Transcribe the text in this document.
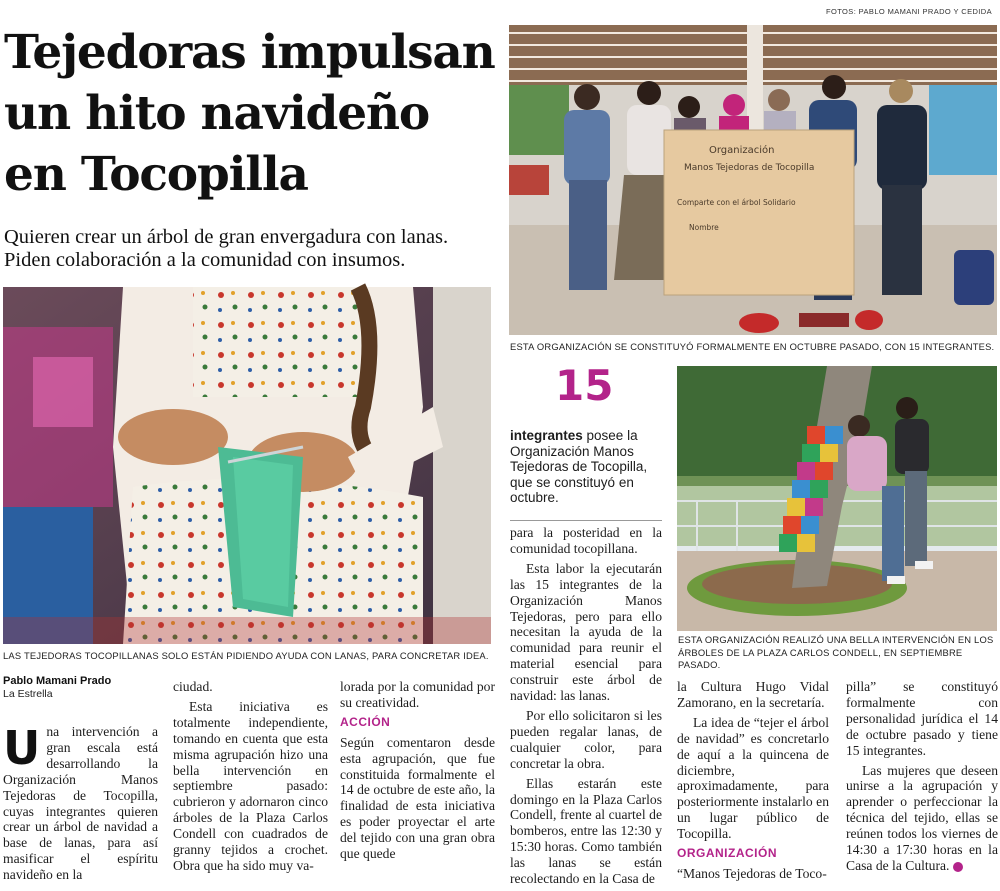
FOTOS: PABLO MAMANI PRADO Y CEDIDA
Tejedoras impulsan
un hito navideño
en Tocopilla
Quieren crear un árbol de gran envergadura con lanas.
Piden colaboración a la comunidad con insumos.
LAS TEJEDORAS TOCOPILLANAS SOLO ESTÁN PIDIENDO AYUDA CON LANAS, PARA CONCRETAR IDEA.
Organización
Manos Tejedoras de Tocopilla
Comparte con el árbol Solidario
Nombre
ESTA ORGANIZACIÓN SE CONSTITUYÓ FORMALMENTE EN OCTUBRE PASADO, CON 15 INTEGRANTES.
15
integrantes posee la Organización Manos Tejedoras de Tocopilla, que se constituyó en octubre.
ESTA ORGANIZACIÓN REALIZÓ UNA BELLA INTERVENCIÓN EN LOS
ÁRBOLES DE LA PLAZA CARLOS CONDELL, EN SEPTIEMBRE PASADO.
Pablo Mamani Prado
La Estrella

Una intervención a gran escala está desarrollando la Organización Manos Tejedoras de Tocopilla, cuyas integrantes quieren crear un árbol de navidad a base de lanas, para así masificar el espíritu navideño en la

ciudad.

Esta iniciativa es totalmente independiente, tomando en cuenta que esta misma agrupación hizo una bella intervención en septiembre pasado: cubrieron y adornaron cinco árboles de la Plaza Carlos Condell con cuadrados de granny tejidos a crochet. Obra que ha sido muy va-

lorada por la comunidad por su creatividad.

ACCIÓN

Según comentaron desde esta agrupación, que fue constituida formalmente el 14 de octubre de este año, la finalidad de esta iniciativa es poder proyectar el arte del tejido con una gran obra que quede

para la posteridad en la comunidad tocopillana.

Esta labor la ejecutarán las 15 integrantes de la Organización Manos Tejedoras, pero para ello necesitan la ayuda de la comunidad para reunir el material esencial para construir este árbol de navidad: las lanas.

Por ello solicitaron si les pueden regalar lanas, de cualquier color, para concretar la obra.

Ellas estarán este domingo en la Plaza Carlos Condell, frente al cuartel de bomberos, entre las 12:30 y 15:30 horas. Como también las lanas se están recolectando en la Casa de

la Cultura Hugo Vidal Zamorano, en la secretaría.

La idea de “tejer el árbol de navidad” es concretarlo de aquí a la quincena de diciembre, aproximadamente, para posteriormente instalarlo en un lugar público de Tocopilla.

ORGANIZACIÓN

“Manos Tejedoras de Toco-

pilla” se constituyó formalmente con personalidad jurídica el 14 de octubre pasado y tiene 15 integrantes.

Las mujeres que deseen unirse a la agrupación y aprender o perfeccionar la técnica del tejido, ellas se reúnen todos los viernes de 14:30 a 17:30 horas en la Casa de la Cultura. ✿
